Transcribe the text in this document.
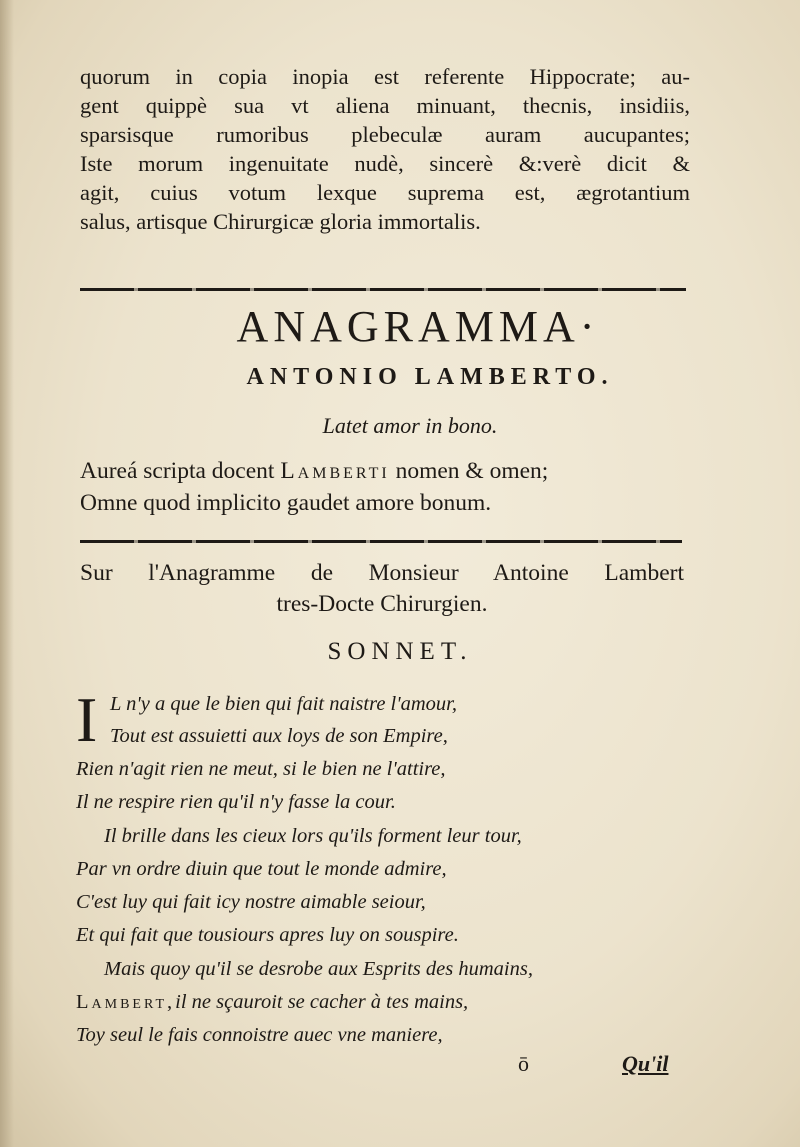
quorum in copia inopia est referente Hippocrate; au-
gent quippè sua vt aliena minuant, thecnis, insidiis,
sparsisque rumoribus plebeculæ auram aucupantes;
Iste morum ingenuitate nudè, sincerè &:verè dicit &
agit, cuius votum lexque suprema est, ægrotantium
salus, artisque Chirurgicæ gloria immortalis.
ANAGRAMMA·
ANTONIO LAMBERTO.
Latet amor in bono.
Aureá scripta docent Lamberti nomen & omen;
Omne quod implicito gaudet amore bonum.
Sur l'Anagramme de Monsieur Antoine Lambert
tres-Docte Chirurgien.
SONNET.
I L n'y a que le bien qui fait naistre l'amour,
Tout est assuietti aux loys de son Empire,
Rien n'agit rien ne meut, si le bien ne l'attire,
Il ne respire rien qu'il n'y fasse la cour.
Il brille dans les cieux lors qu'ils forment leur tour,
Par vn ordre diuin que tout le monde admire,
C'est luy qui fait icy nostre aimable seiour,
Et qui fait que tousiours apres luy on souspire.
Mais quoy qu'il se desrobe aux Esprits des humains,
Lambert,il ne sçauroit se cacher à tes mains,
Toy seul le fais connoistre auec vne maniere,
ō	Qu'il
